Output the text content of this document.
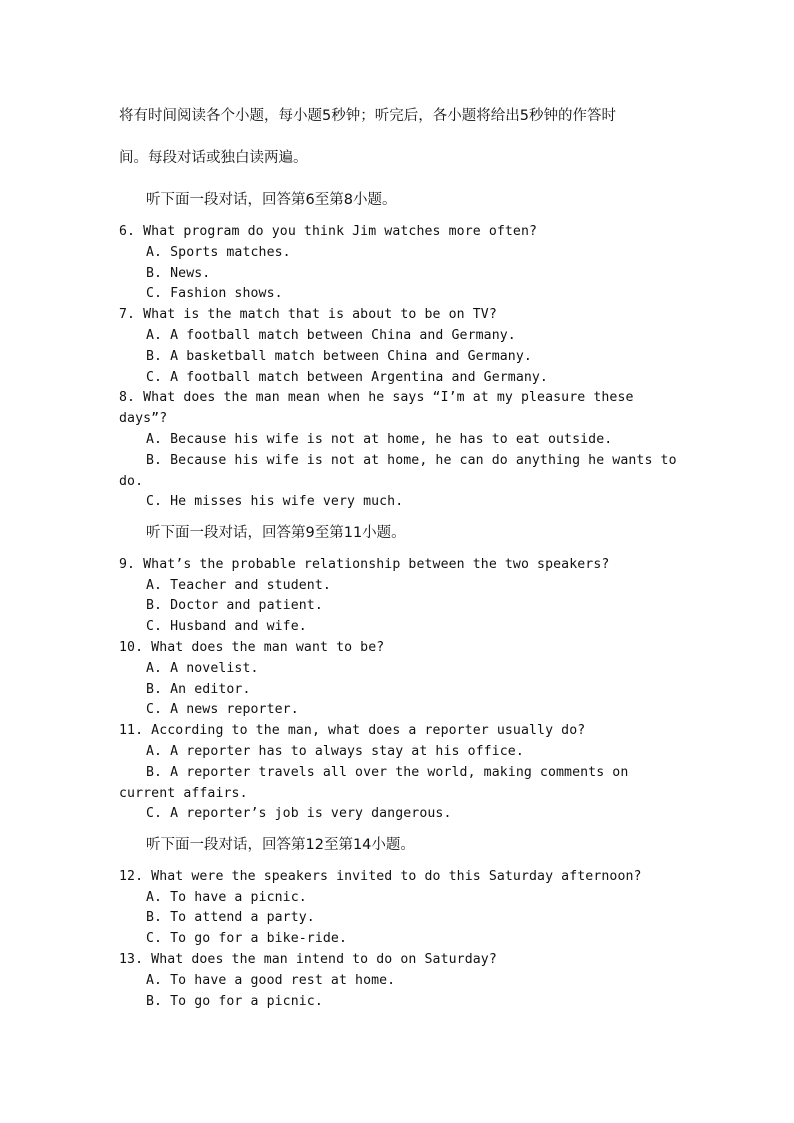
将有时间阅读各个小题，每小题5秒钟；听完后，各小题将给出5秒钟的作答时
间。每段对话或独白读两遍。
听下面一段对话，回答第6至第8小题。
6. What program do you think Jim watches more often?
A. Sports matches.
B. News.
C. Fashion shows.
7. What is the match that is about to be on TV?
A. A football match between China and Germany.
B. A basketball match between China and Germany.
C. A football match between Argentina and Germany.
8. What does the man mean when he says “I’m at my pleasure these
days”?
A. Because his wife is not at home, he has to eat outside.
B. Because his wife is not at home, he can do anything he wants to
do.
C. He misses his wife very much.
听下面一段对话，回答第9至第11小题。
9. What’s the probable relationship between the two speakers?
A. Teacher and student.
B. Doctor and patient.
C. Husband and wife.
10. What does the man want to be?
A. A novelist.
B. An editor.
C. A news reporter.
11. According to the man, what does a reporter usually do?
A. A reporter has to always stay at his office.
B. A reporter travels all over the world, making comments on
current affairs.
C. A reporter’s job is very dangerous.
听下面一段对话，回答第12至第14小题。
12. What were the speakers invited to do this Saturday afternoon?
A. To have a picnic.
B. To attend a party.
C. To go for a bike-ride.
13. What does the man intend to do on Saturday?
A. To have a good rest at home.
B. To go for a picnic.
